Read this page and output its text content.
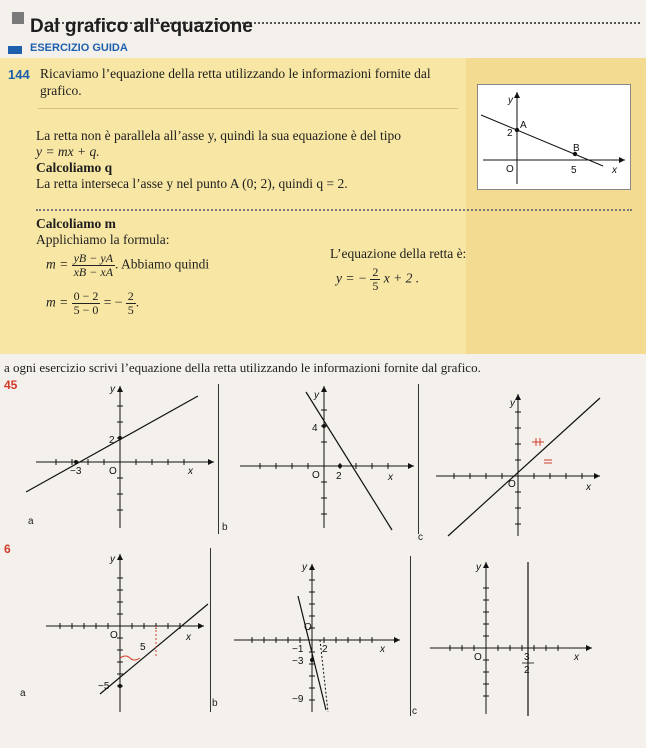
Dal grafico all’equazione
ESERCIZIO GUIDA
144 Ricaviamo l’equazione della retta utilizzando le informazioni fornite dal
grafico.
La retta non è parallela all’asse y, quindi la sua equazione è del tipo
y = mx + q.
Calcoliamo q
La retta interseca l’asse y nel punto A (0; 2), quindi q = 2.
Calcoliamo m
Applichiamo la formula:
$m = \frac{yB - yA}{xB - xA}$ . Abbiamo quindi
$m = \frac{0 - 2}{5 - 0}$ = − $\frac{2}{5}$ .
L’equazione della retta è:
y = − $\frac{2}{5}$ x + 2 .
y
x
O
A
B
2
5
a ogni esercizio scrivi l’equazione della retta utilizzando le informazioni fornite dal grafico.
45
−3
2
O	x
y
a
4
2
O	x
y
b
O	x
y
c
6
5
−5
O	x
y
a
−1 2
−3
−9
O
x
y
b
3
2
O	x
y
c
